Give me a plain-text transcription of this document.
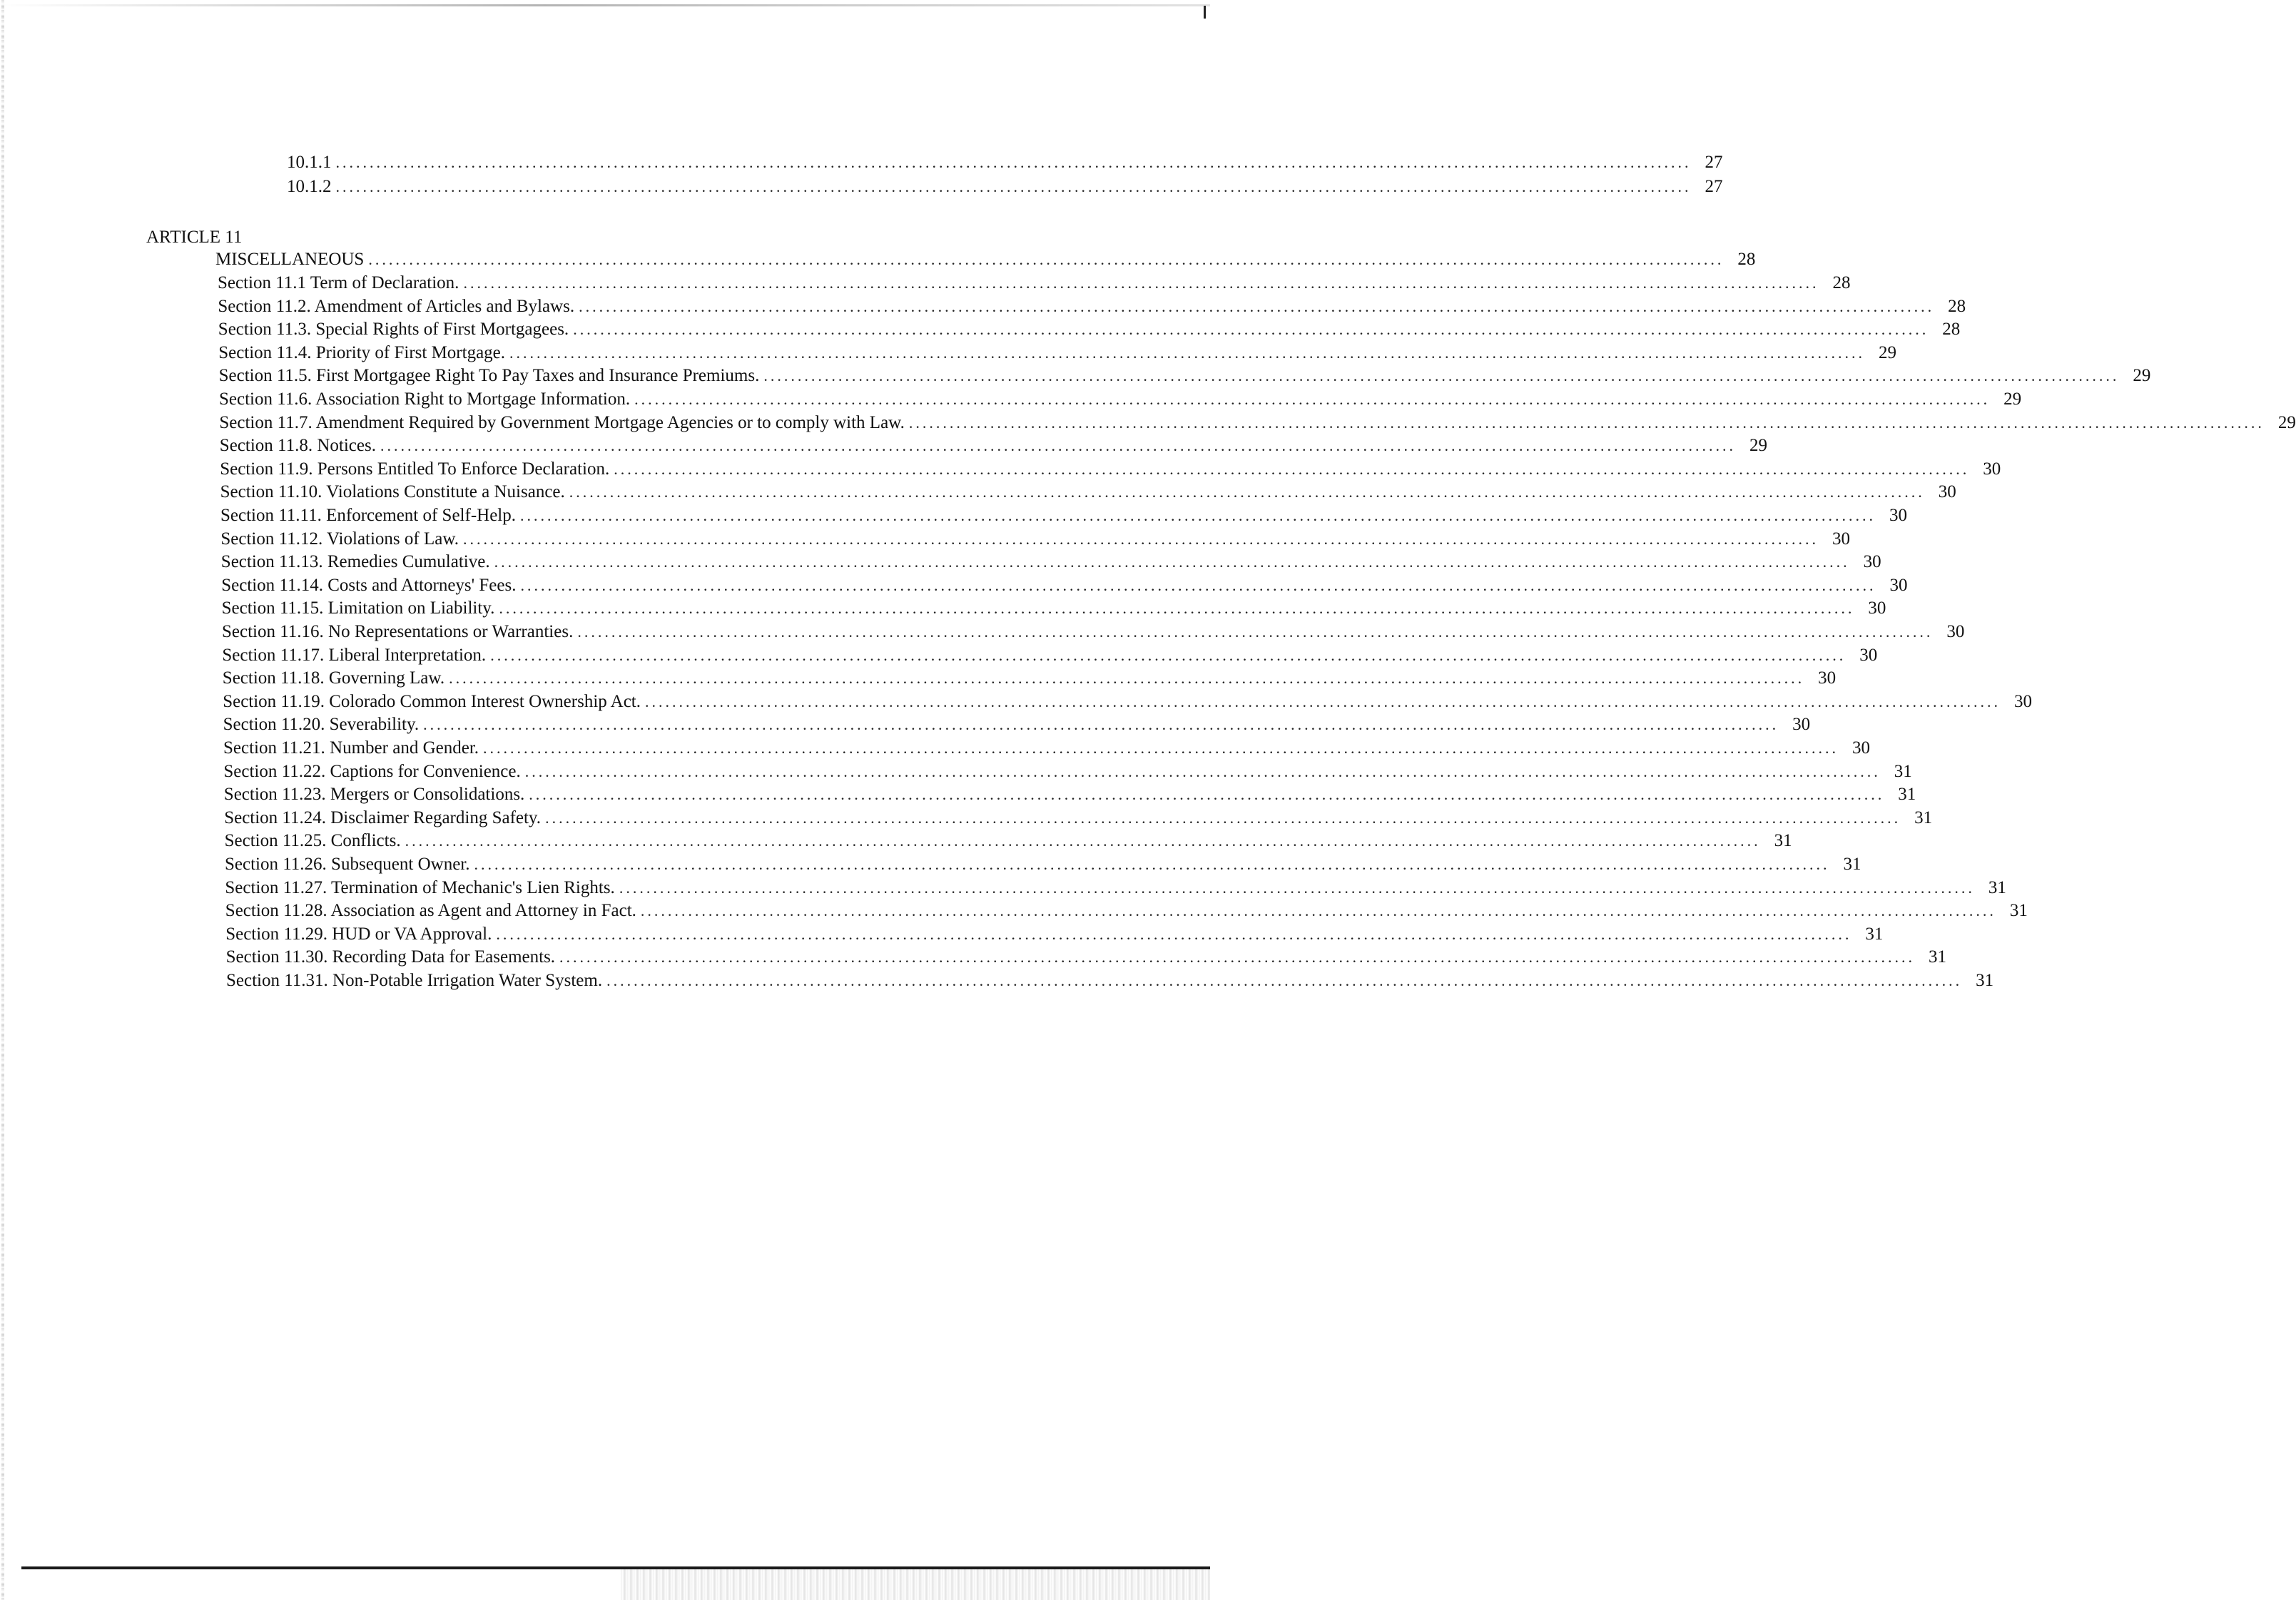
10.1.1 ........................................................................................................................................................................................................ 27
10.1.2 ........................................................................................................................................................................................................ 27
ARTICLE 11
MISCELLANEOUS ........................................................................................................................................................................................................ 28
Section 11.1 Term of Declaration. ........................................................................................................................................................................................................ 28
Section 11.2. Amendment of Articles and Bylaws. ........................................................................................................................................................................................................ 28
Section 11.3. Special Rights of First Mortgagees. ........................................................................................................................................................................................................ 28
Section 11.4. Priority of First Mortgage. ........................................................................................................................................................................................................ 29
Section 11.5. First Mortgagee Right To Pay Taxes and Insurance Premiums. ........................................................................................................................................................................................................ 29
Section 11.6. Association Right to Mortgage Information. ........................................................................................................................................................................................................ 29
Section 11.7. Amendment Required by Government Mortgage Agencies or to comply with Law. ........................................................................................................................................................................................................ 29
Section 11.8. Notices. ........................................................................................................................................................................................................ 29
Section 11.9. Persons Entitled To Enforce Declaration. ........................................................................................................................................................................................................ 30
Section 11.10. Violations Constitute a Nuisance. ........................................................................................................................................................................................................ 30
Section 11.11. Enforcement of Self-Help. ........................................................................................................................................................................................................ 30
Section 11.12. Violations of Law. ........................................................................................................................................................................................................ 30
Section 11.13. Remedies Cumulative. ........................................................................................................................................................................................................ 30
Section 11.14. Costs and Attorneys' Fees. ........................................................................................................................................................................................................ 30
Section 11.15. Limitation on Liability. ........................................................................................................................................................................................................ 30
Section 11.16. No Representations or Warranties. ........................................................................................................................................................................................................ 30
Section 11.17. Liberal Interpretation. ........................................................................................................................................................................................................ 30
Section 11.18. Governing Law. ........................................................................................................................................................................................................ 30
Section 11.19. Colorado Common Interest Ownership Act. ........................................................................................................................................................................................................ 30
Section 11.20. Severability. ........................................................................................................................................................................................................ 30
Section 11.21. Number and Gender. ........................................................................................................................................................................................................ 30
Section 11.22. Captions for Convenience. ........................................................................................................................................................................................................ 31
Section 11.23. Mergers or Consolidations. ........................................................................................................................................................................................................ 31
Section 11.24. Disclaimer Regarding Safety. ........................................................................................................................................................................................................ 31
Section 11.25. Conflicts. ........................................................................................................................................................................................................ 31
Section 11.26. Subsequent Owner. ........................................................................................................................................................................................................ 31
Section 11.27. Termination of Mechanic's Lien Rights. ........................................................................................................................................................................................................ 31
Section 11.28. Association as Agent and Attorney in Fact. ........................................................................................................................................................................................................ 31
Section 11.29. HUD or VA Approval. ........................................................................................................................................................................................................ 31
Section 11.30. Recording Data for Easements. ........................................................................................................................................................................................................ 31
Section 11.31. Non-Potable Irrigation Water System. ........................................................................................................................................................................................................ 31
